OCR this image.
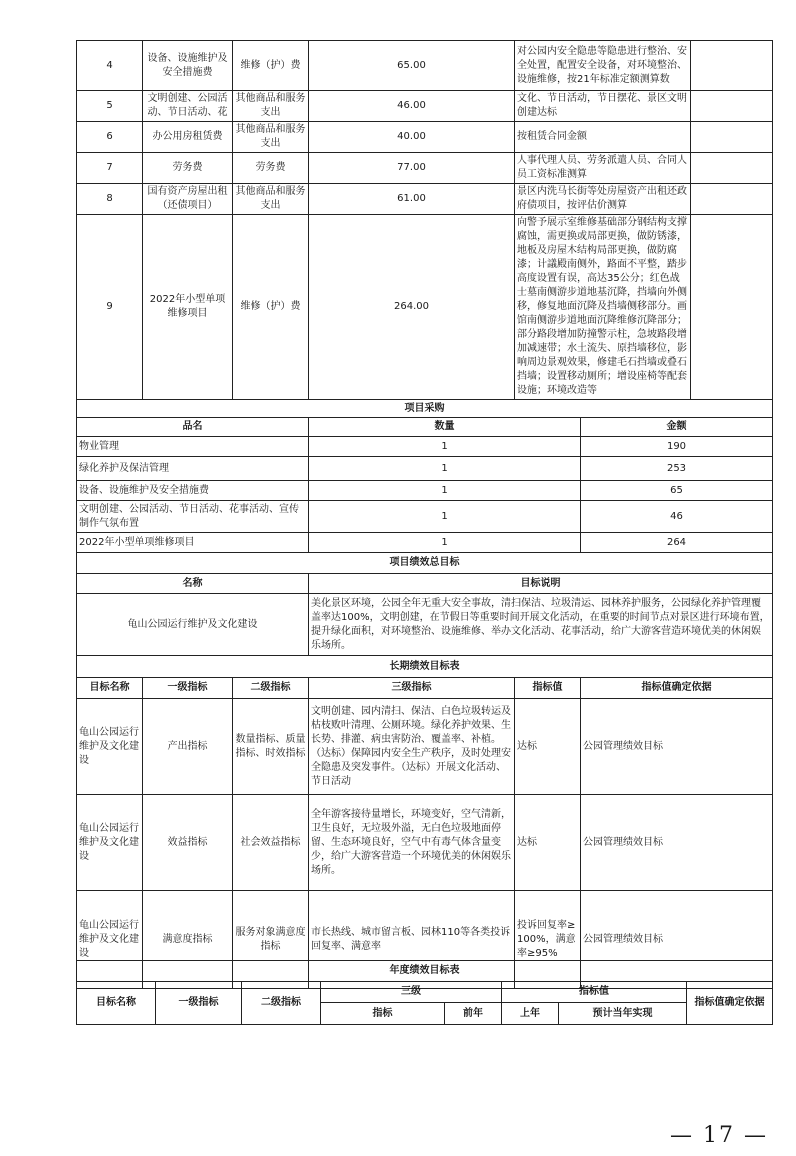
4	设备、设施维护及安全措施费	维修（护）费	65.00	对公园内安全隐患等隐患进行整治、安全处置，配置安全设备，对环境整治、设施维修，按21年标准定额测算数		
5	文明创建、公园活动、节日活动、花	其他商品和服务支出	46.00	文化、节日活动，节日摆花、景区文明创建达标		
6	办公用房租赁费	其他商品和服务支出	40.00	按租赁合同金额		
7	劳务费	劳务费	77.00	人事代理人员、劳务派遣人员、合同人员工资标准测算		
8	国有资产房屋出租（还债项目）	其他商品和服务支出	61.00	景区内洗马长街等处房屋资产出租还政府债项目，按评估价测算		
9	2022年小型单项维修项目	维修（护）费	264.00	向警予展示室维修基础部分钢结构支撑腐蚀，需更换或局部更换，做防锈漆，地板及房屋木结构局部更换，做防腐漆；计議殿南侧外，路面不平整，踏步高度设置有误，高达35公分；红色战士墓南侧游步道地基沉降，挡墙向外侧移，修复地面沉降及挡墙侧移部分。画馆南侧游步道地面沉降维修沉降部分；部分路段增加防撞警示柱，急坡路段增加减速带；水土流失、原挡墙移位，影响周边景观效果，修建毛石挡墙或叠石挡墙；设置移动厕所；增设座椅等配套设施；环境改造等		
项目采购						
品名			数量		金额	
物业管理			1		190	
绿化养护及保洁管理			1		253	
设备、设施维护及安全措施费			1		65	
文明创建、公园活动、节日活动、花事活动、宣传制作气氛布置			1		46	
2022年小型单项维修项目			1		264	
项目绩效总目标						
名称			目标说明			
龟山公园运行维护及文化建设			美化景区环境，公园全年无重大安全事故，清扫保洁、垃圾清运、园林养护服务，公园绿化养护管理覆盖率达100%，文明创建，在节假日等重要时间开展文化活动，在重要的时间节点对景区进行环境布置，提升绿化面积，对环境整治、设施维修、举办文化活动、花事活动，给广大游客营造环境优美的休闲娱乐场所。			
长期绩效目标表						
目标名称	一级指标	二级指标	三级指标	指标值	指标值确定依据	
龟山公园运行维护及文化建设	产出指标	数量指标、质量指标、时效指标	文明创建、园内清扫、保洁、白色垃圾转运及枯枝败叶清理、公厕环境。绿化养护效果、生长势、排灌、病虫害防治、覆盖率、补植。（达标）保障园内安全生产秩序，及时处理安全隐患及突发事件。（达标）开展文化活动、节日活动	达标	公园管理绩效目标	
龟山公园运行维护及文化建设	效益指标	社会效益指标	全年游客接待量增长，环境变好，空气清新，卫生良好，无垃圾外溢，无白色垃圾地面停留、生态环境良好，空气中有毒气体含量变少，给广大游客营造一个环境优美的休闲娱乐场所。	达标	公园管理绩效目标	
龟山公园运行维护及文化建设	满意度指标	服务对象满意度指标	市长热线、城市留言板、园林110等各类投诉回复率、满意率	投诉回复率≥100%，满意率≥95%	公园管理绩效目标	
年度绩效目标表							
目标名称	一级指标	二级指标	三级		指标值		指标值确定依据
			指标	前年	上年	预计当年实现	
— 17 —
